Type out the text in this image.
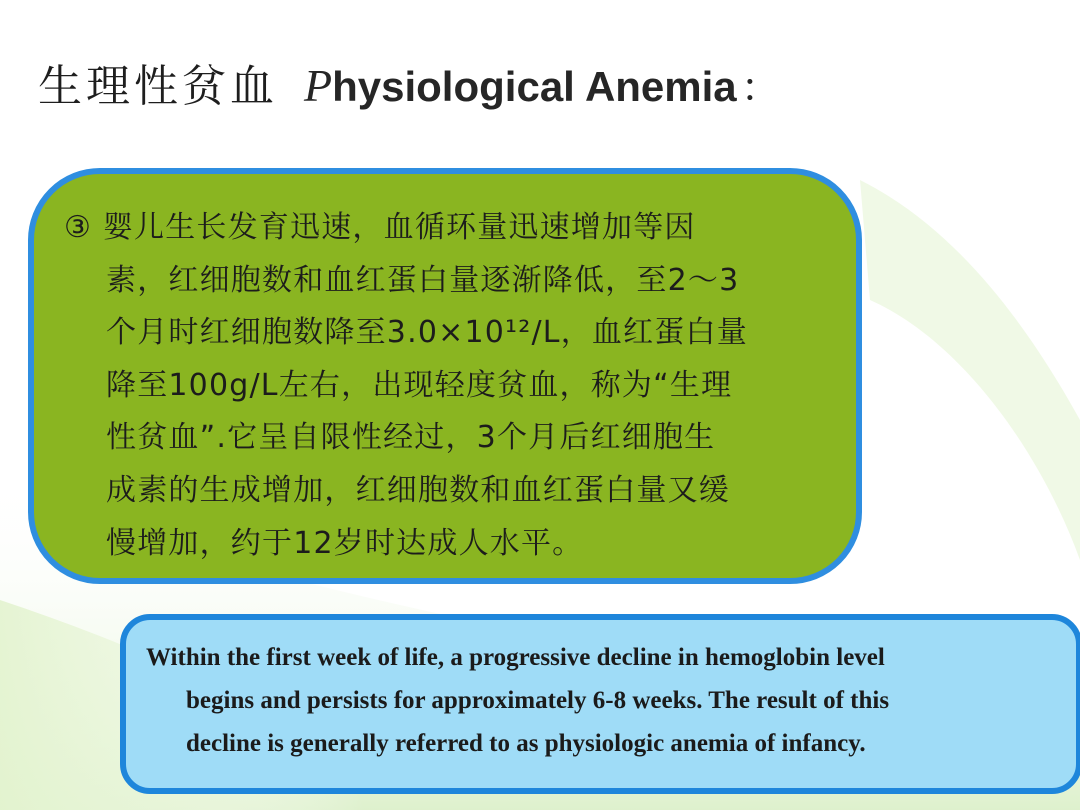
生理性贫血 Physiological Anemia ：

③ 婴儿生长发育迅速，血循环量迅速增加等因
素，红细胞数和血红蛋白量逐渐降低，至2～3
个月时红细胞数降至3.0×10¹²/L，血红蛋白量
降至100g/L左右，出现轻度贫血，称为“生理
性贫血”.它呈自限性经过，3个月后红细胞生
成素的生成增加，红细胞数和血红蛋白量又缓
慢增加，约于12岁时达成人水平。

Within the first week of life, a progressive decline in hemoglobin level
begins and persists for approximately 6-8 weeks. The result of this
decline is generally referred to as physiologic anemia of infancy.
